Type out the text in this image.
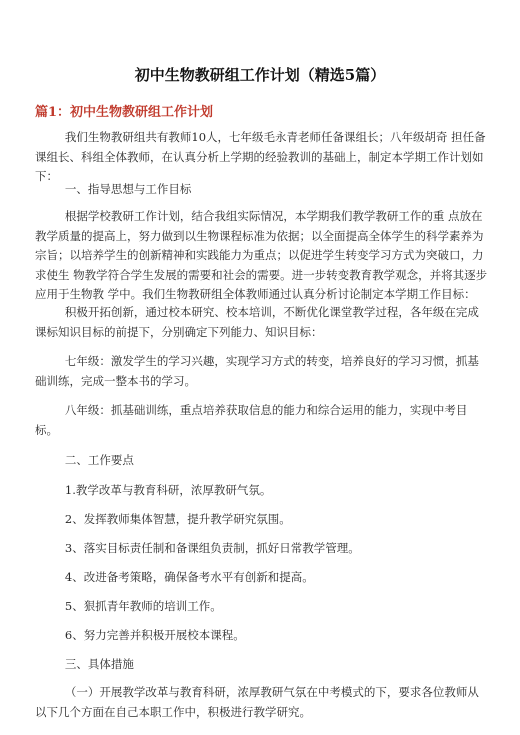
初中生物教研组工作计划（精选5篇）
篇1：初中生物教研组工作计划

我们生物教研组共有教师10人，七年级毛永青老师任备课组长；八年级胡奇 担任备课组长、科组全体教师，在认真分析上学期的经验教训的基础上，制定本学期工作计划如下：

一、指导思想与工作目标

根据学校教研工作计划，结合我组实际情况，本学期我们教学教研工作的重 点放在教学质量的提高上，努力做到以生物课程标准为依据；以全面提高全体学生的科学素养为 宗旨；以培养学生的创新精神和实践能力为重点；以促进学生转变学习方式为突破口，力求使生 物教学符合学生发展的需要和社会的需要。进一步转变教育教学观念，并将其逐步应用于生物教 学中。我们生物教研组全体教师通过认真分析讨论制定本学期工作目标：

积极开拓创新，通过校本研究、校本培训，不断优化课堂教学过程，各年级在完成课标知识目标的前提下，分别确定下列能力、知识目标：

七年级：激发学生的学习兴趣，实现学习方式的转变，培养良好的学习习惯，抓基础训练，完成一整本书的学习。

八年级：抓基础训练，重点培养获取信息的能力和综合运用的能力，实现中考目标。

二、工作要点
1.教学改革与教育科研，浓厚教研气氛。
2、发挥教师集体智慧，提升教学研究氛围。
3、落实目标责任制和备课组负责制，抓好日常教学管理。
4、改进备考策略，确保备考水平有创新和提高。
5、狠抓青年教师的培训工作。
6、努力完善并积极开展校本课程。
三、具体措施

（一）开展教学改革与教育科研，浓厚教研气氛在中考模式的下，要求各位教师从以下几个方面在自己本职工作中，积极进行教学研究。
